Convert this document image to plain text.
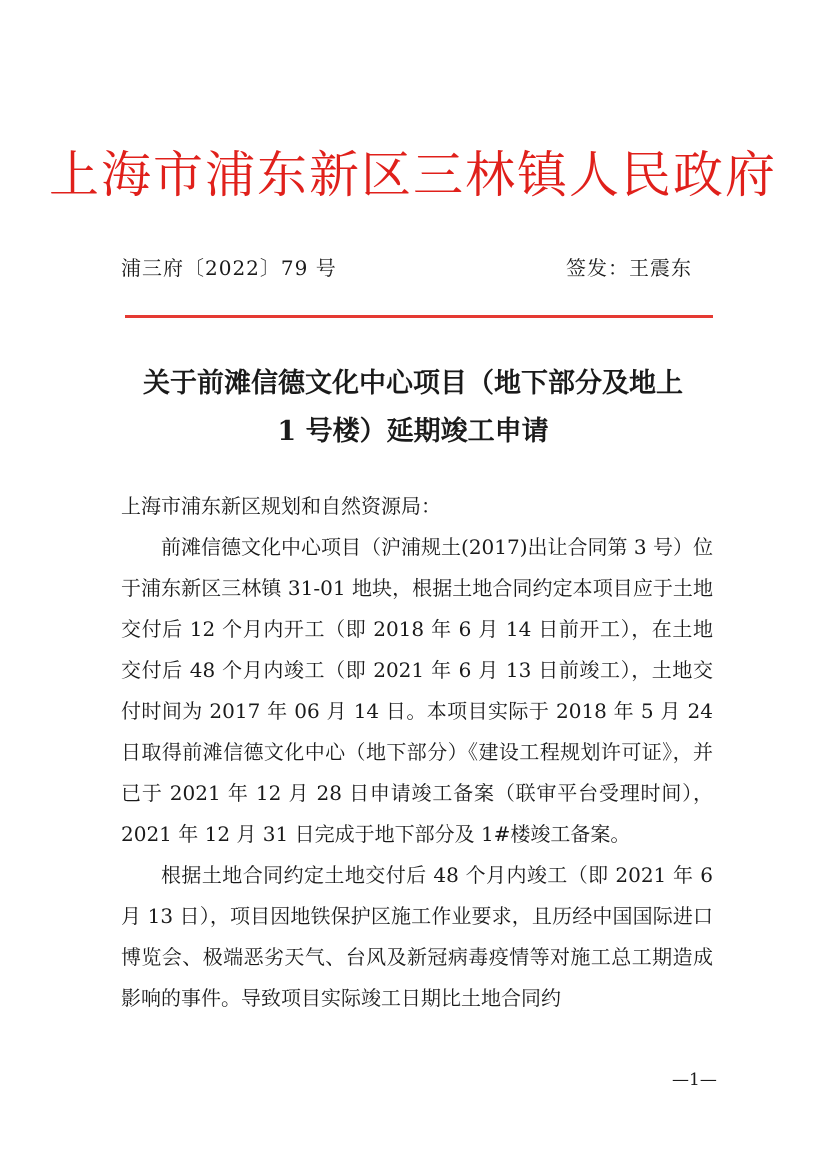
上海市浦东新区三林镇人民政府
浦三府〔2022〕79 号	签发：王震东
关于前滩信德文化中心项目（地下部分及地上
1 号楼）延期竣工申请
上海市浦东新区规划和自然资源局：

前滩信德文化中心项目（沪浦规土(2017)出让合同第 3 号）位于浦东新区三林镇 31-01 地块，根据土地合同约定本项目应于土地交付后 12 个月内开工（即 2018 年 6 月 14 日前开工），在土地交付后 48 个月内竣工（即 2021 年 6 月 13 日前竣工），土地交付时间为 2017 年 06 月 14 日。本项目实际于 2018 年 5 月 24 日取得前滩信德文化中心（地下部分）《建设工程规划许可证》，并已于 2021 年 12 月 28 日申请竣工备案（联审平台受理时间），2021 年 12 月 31 日完成于地下部分及 1#楼竣工备案。

根据土地合同约定土地交付后 48 个月内竣工（即 2021 年 6 月 13 日），项目因地铁保护区施工作业要求，且历经中国国际进口博览会、极端恶劣天气、台风及新冠病毒疫情等对施工总工期造成影响的事件。导致项目实际竣工日期比土地合同约

—1—
